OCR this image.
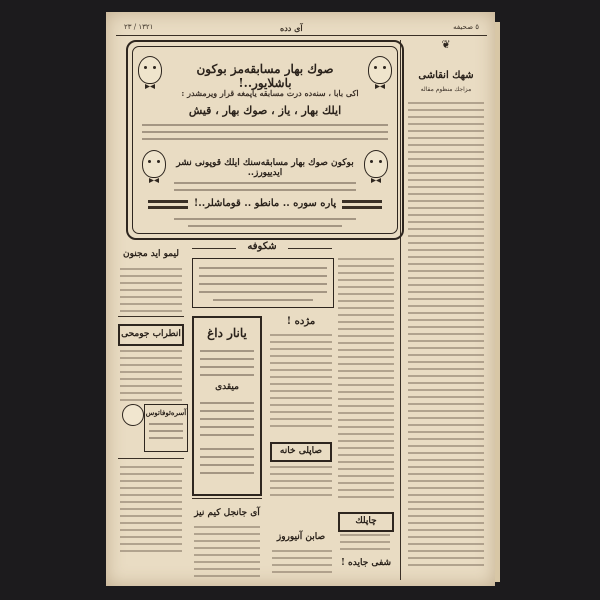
٥ صحیفه
آی دده
١٣٢١ / ٢٣
صوك بهار مسابقه‌مز بوكون باشلايور..!
اكى بابا ، سنه‌ده درت مسابقه یاپمغه قرار ویرمشدر :
ايلك بهار ، ياز ، صوك بهار ، قيش
بوكون صوك بهار مسابقه‌سنك ايلك قوپونى نشر ايدييورز..
پاره سوره .. مانطو .. قوماشلر..!
شكوفه
لیمو اید مجنون
انطراب جومحی
آسره‌ئوفاتوس
يانار داغ
ميقدى
مژده !
صاپلى خانه
آى جانجل كيم نيز
صابن آنيوروز
چاپلك
شفى جايده !
❦
شهك انقاشى
مزاجك منظوم مقاله
